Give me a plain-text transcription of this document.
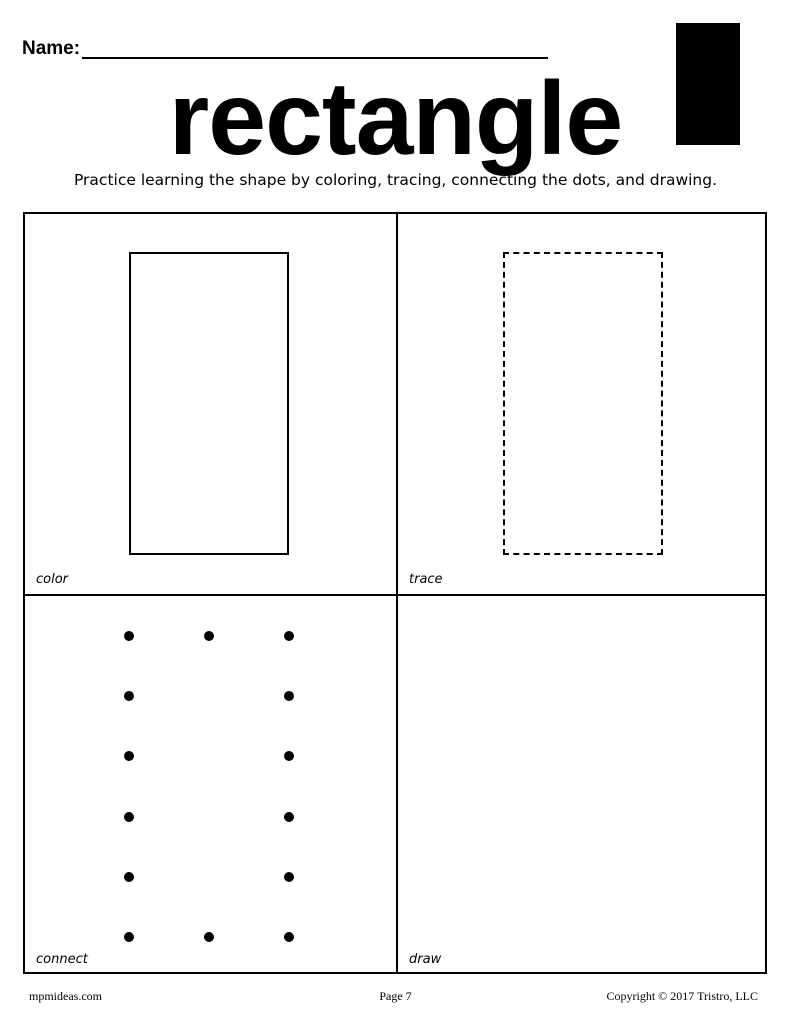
Name:
rectangle
Practice learning the shape by coloring, tracing, connecting the dots, and drawing.
color	trace
connect	draw
mpmideas.com	Page 7	Copyright © 2017 Tristro, LLC
